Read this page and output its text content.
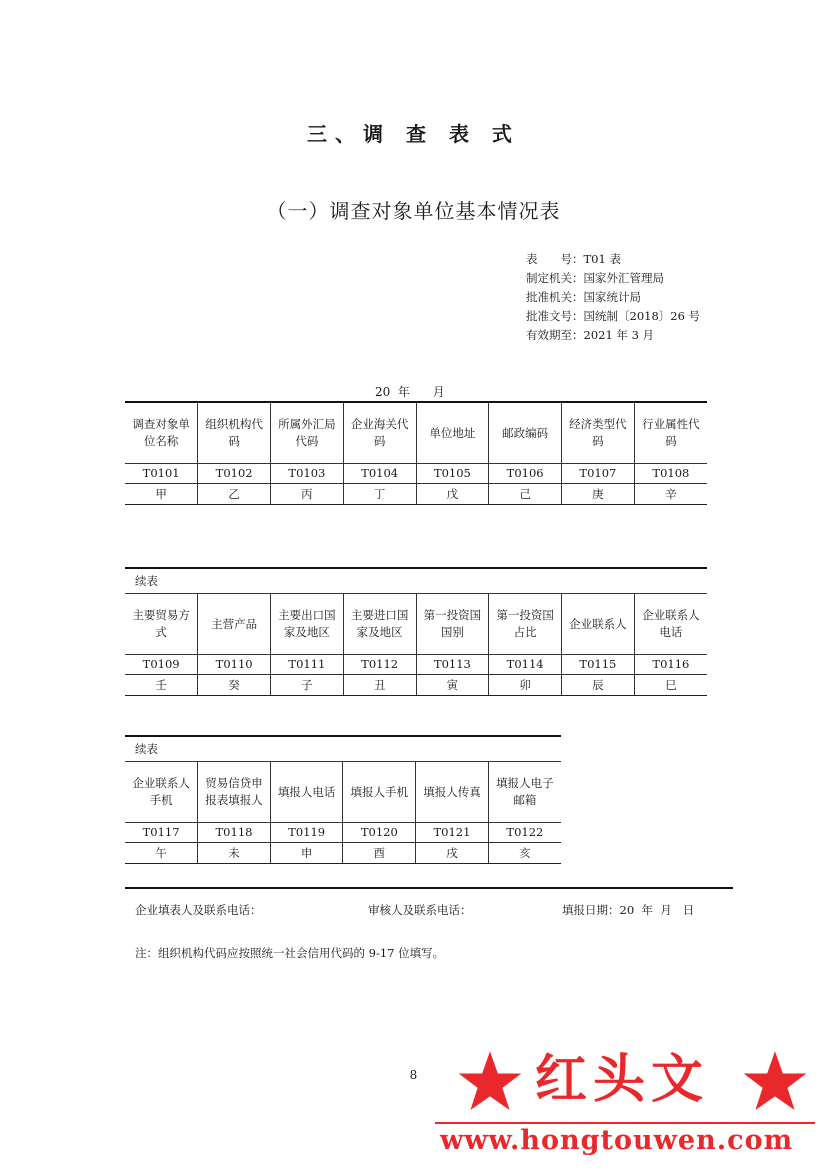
三、调 查 表 式
（一）调查对象单位基本情况表
表　　号：T01 表
制定机关：国家外汇管理局
批准机关：国家统计局
批准文号：国统制〔2018〕26 号
有效期至：2021 年 3 月
20  年      月
调查对象单位名称	组织机构代码	所属外汇局代码	企业海关代码	单位地址	邮政编码	经济类型代码	行业属性代码
T0101	T0102	T0103	T0104	T0105	T0106	T0107	T0108
甲	乙	丙	丁	戊	己	庚	辛
续表							
主要贸易方式	主营产品	主要出口国家及地区	主要进口国家及地区	第一投资国国别	第一投资国占比	企业联系人	企业联系人电话
T0109	T0110	T0111	T0112	T0113	T0114	T0115	T0116
壬	癸	子	丑	寅	卯	辰	巳
续表					
企业联系人手机	贸易信贷申报表填报人	填报人电话	填报人手机	填报人传真	填报人电子邮箱
T0117	T0118	T0119	T0120	T0121	T0122
午	未	申	酉	戌	亥
企业填表人及联系电话：	审核人及联系电话：	填报日期：20  年  月   日
注：组织机构代码应按照统一社会信用代码的 9-17 位填写。
8	红头文
www.hongtouwen.com
